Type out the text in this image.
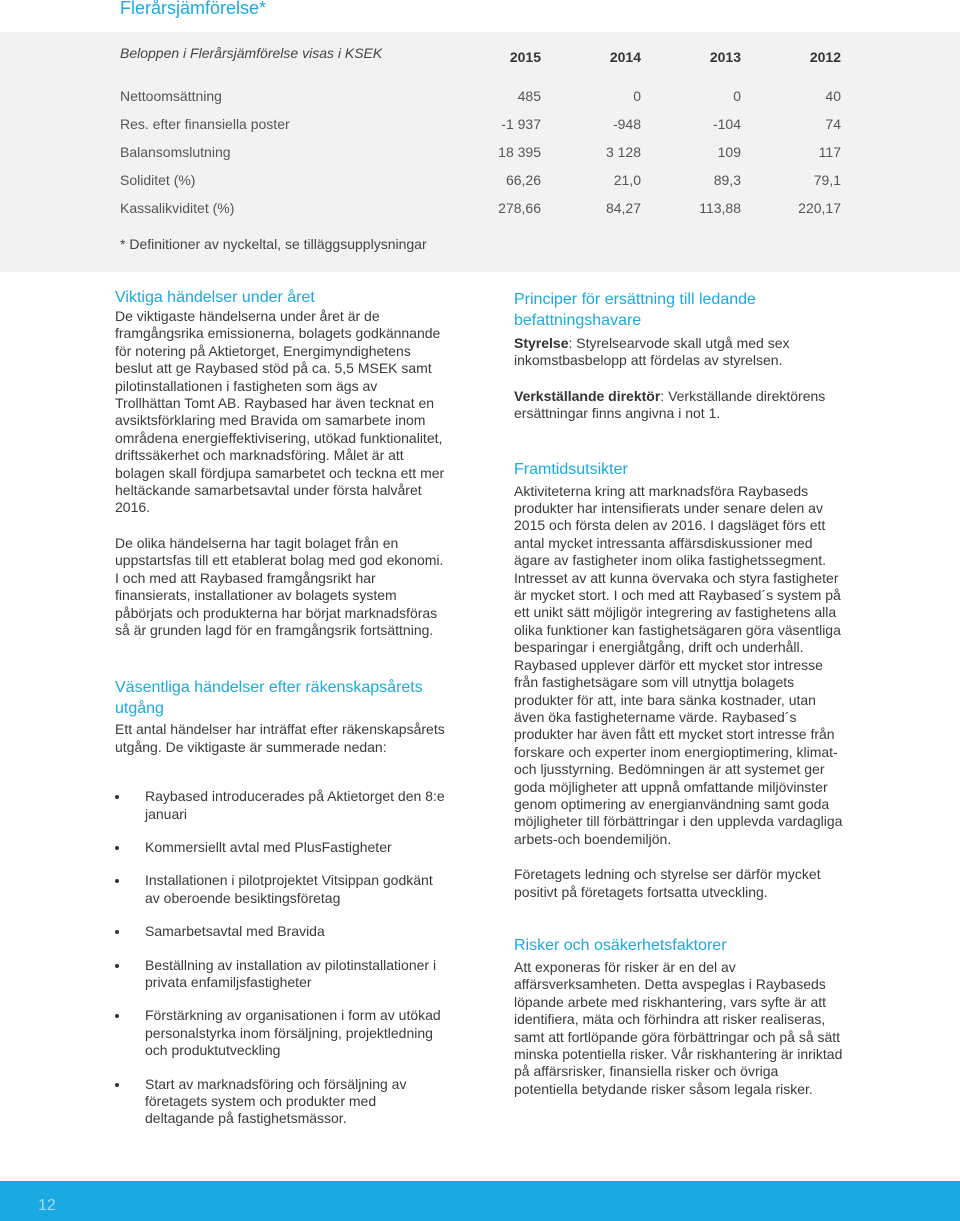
Flerårsjämförelse*
Beloppen i Flerårsjämförelse visas i KSEK	2015	2014	2013	2012
Nettoomsättning	485	0	0	40
Res. efter finansiella poster	-1 937	-948	-104	74
Balansomslutning	18 395	3 128	109	117
Soliditet (%)	66,26	21,0	89,3	79,1
Kassalikviditet (%)	278,66	84,27	113,88	220,17
* Definitioner av nyckeltal, se tilläggsupplysningar

Viktiga händelser under året

De viktigaste händelserna under året är de framgångsrika emissionerna, bolagets godkännande för notering på Aktietorget, Energimyndighetens beslut att ge Raybased stöd på ca. 5,5 MSEK samt pilotinstallationen i fastigheten som ägs av Trollhättan Tomt AB. Raybased har även tecknat en avsiktsförklaring med Bravida om samarbete inom områdena energieffektivisering, utökad funktionalitet, driftssäkerhet och marknadsföring. Målet är att bolagen skall fördjupa samarbetet och teckna ett mer heltäckande samarbetsavtal under första halvåret 2016.

De olika händelserna har tagit bolaget från en uppstartsfas till ett etablerat bolag med god ekonomi. I och med att Raybased framgångsrikt har finansierats, installationer av bolagets system påbörjats och produkterna har börjat marknadsföras så är grunden lagd för en framgångsrik fortsättning.

Väsentliga händelser efter räkenskapsårets utgång

Ett antal händelser har inträffat efter räkenskapsårets utgång. De viktigaste är summerade nedan:

Raybased introducerades på Aktietorget den 8:e januari
Kommersiellt avtal med PlusFastigheter
Installationen i pilotprojektet Vitsippan godkänt av oberoende besiktingsföretag
Samarbetsavtal med Bravida
Beställning av installation av pilotinstallationer i privata enfamiljsfastigheter
Förstärkning av organisationen i form av utökad personalstyrka inom försäljning, projektledning och produktutveckling
Start av marknadsföring och försäljning av företagets system och produkter med deltagande på fastighetsmässor.

Principer för ersättning till ledande befattningshavare

Styrelse: Styrelsearvode skall utgå med sex inkomstbasbelopp att fördelas av styrelsen.

Verkställande direktör: Verkställande direktörens ersättningar finns angivna i not 1.

Framtidsutsikter

Aktiviteterna kring att marknadsföra Raybaseds produkter har intensifierats under senare delen av 2015 och första delen av 2016. I dagsläget förs ett antal mycket intressanta affärsdiskussioner med ägare av fastigheter inom olika fastighetssegment. Intresset av att kunna övervaka och styra fastigheter är mycket stort. I och med att Raybased´s system på ett unikt sätt möjligör integrering av fastighetens alla olika funktioner kan fastighetsägaren göra väsentliga besparingar i energiåtgång, drift och underhåll. Raybased upplever därför ett mycket stor intresse från fastighetsägare som vill utnyttja bolagets produkter för att, inte bara sänka kostnader, utan även öka fastighetername värde. Raybased´s produkter har även fått ett mycket stort intresse från forskare och experter inom energioptimering, klimat- och ljusstyrning. Bedömningen är att systemet ger goda möjligheter att uppnå omfattande miljövinster genom optimering av energianvändning samt goda möjligheter till förbättringar i den upplevda vardagliga arbets-och boendemiljön.

Företagets ledning och styrelse ser därför mycket positivt på företagets fortsatta utveckling.

Risker och osäkerhetsfaktorer

Att exponeras för risker är en del av affärsverksamheten. Detta avspeglas i Raybaseds löpande arbete med riskhantering, vars syfte är att identifiera, mäta och förhindra att risker realiseras, samt att fortlöpande göra förbättringar och på så sätt minska potentiella risker. Vår riskhantering är inriktad på affärsrisker, finansiella risker och övriga potentiella betydande risker såsom legala risker.

12
